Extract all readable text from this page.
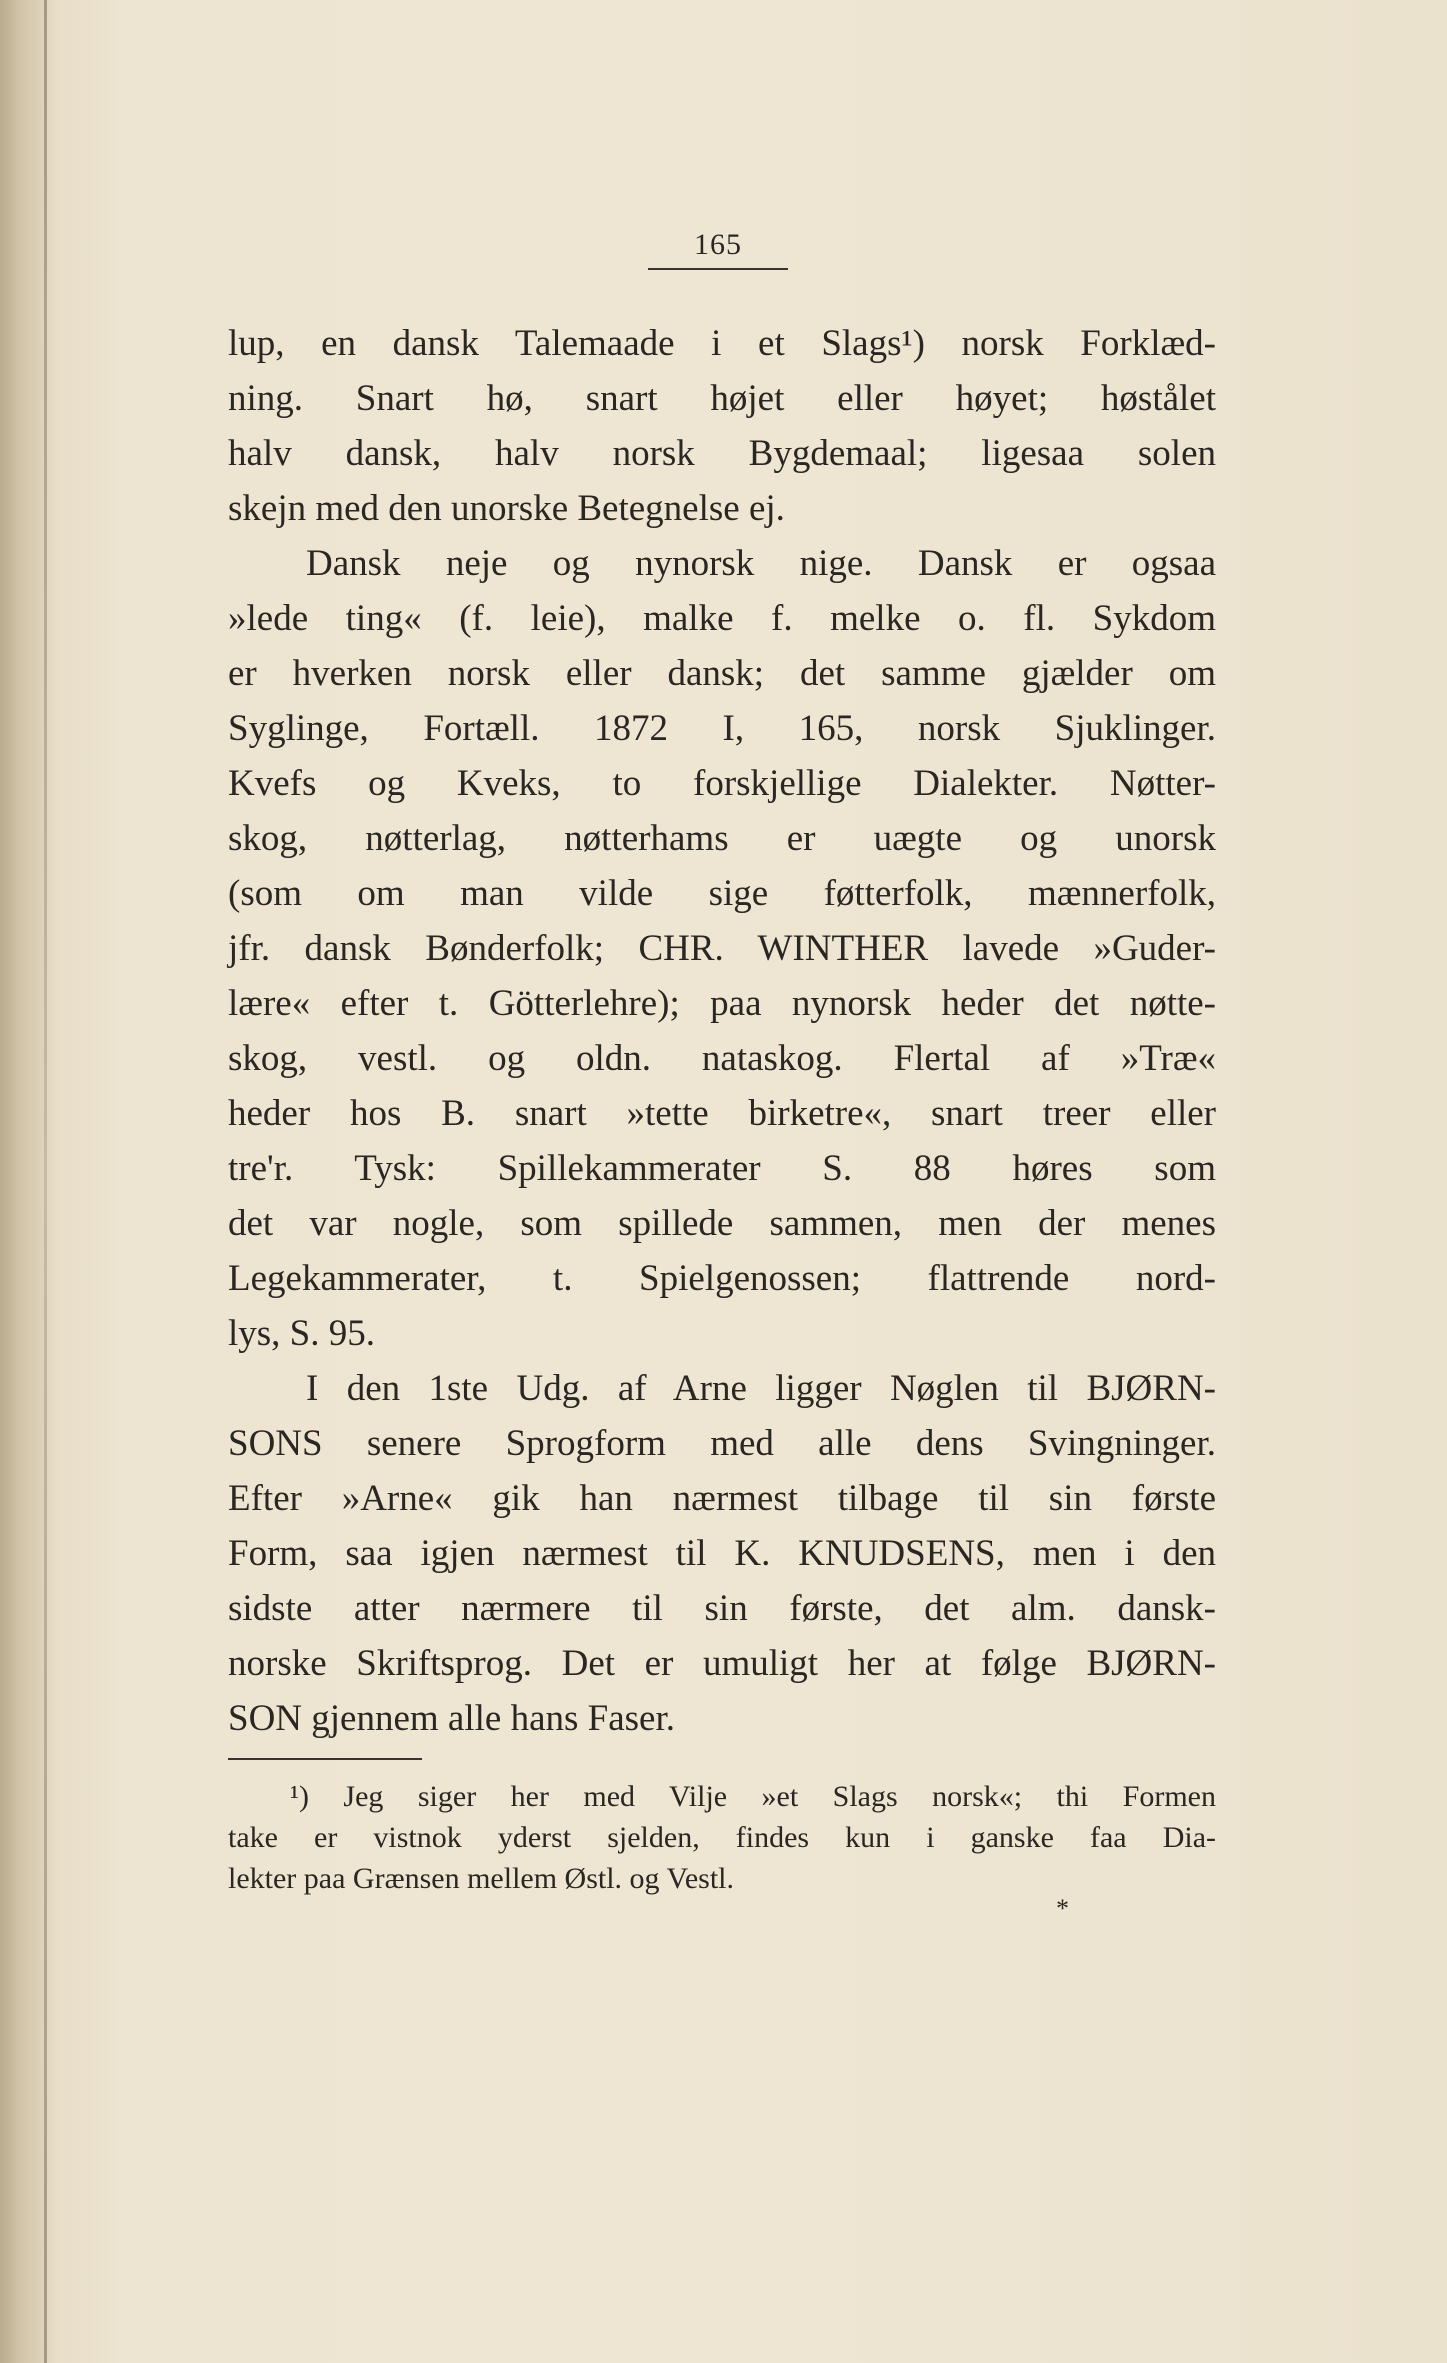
165
lup, en dansk Talemaade i et Slags¹) norsk Forklæd-
ning. Snart hø, snart højet eller høyet; høstålet
halv dansk, halv norsk Bygdemaal; ligesaa solen
skejn med den unorske Betegnelse ej.
Dansk neje og nynorsk nige. Dansk er ogsaa
»lede ting« (f. leie), malke f. melke o. fl. Sykdom
er hverken norsk eller dansk; det samme gjælder om
Syglinge, Fortæll. 1872 I, 165, norsk Sjuklinger.
Kvefs og Kveks, to forskjellige Dialekter. Nøtter-
skog, nøtterlag, nøtterhams er uægte og unorsk
(som om man vilde sige føtterfolk, mænnerfolk,
jfr. dansk Bønderfolk; CHR. WINTHER lavede »Guder-
lære« efter t. Götterlehre); paa nynorsk heder det nøtte-
skog, vestl. og oldn. nataskog. Flertal af »Træ«
heder hos B. snart »tette birketre«, snart treer eller
tre'r. Tysk: Spillekammerater S. 88 høres som
det var nogle, som spillede sammen, men der menes
Legekammerater, t. Spielgenossen; flattrende nord-
lys, S. 95.
I den 1ste Udg. af Arne ligger Nøglen til BJØRN-
SONS senere Sprogform med alle dens Svingninger.
Efter »Arne« gik han nærmest tilbage til sin første
Form, saa igjen nærmest til K. KNUDSENS, men i den
sidste atter nærmere til sin første, det alm. dansk-
norske Skriftsprog. Det er umuligt her at følge BJØRN-
SON gjennem alle hans Faser.
¹) Jeg siger her med Vilje »et Slags norsk«; thi Formen
take er vistnok yderst sjelden, findes kun i ganske faa Dia-
lekter paa Grænsen mellem Østl. og Vestl.
*
